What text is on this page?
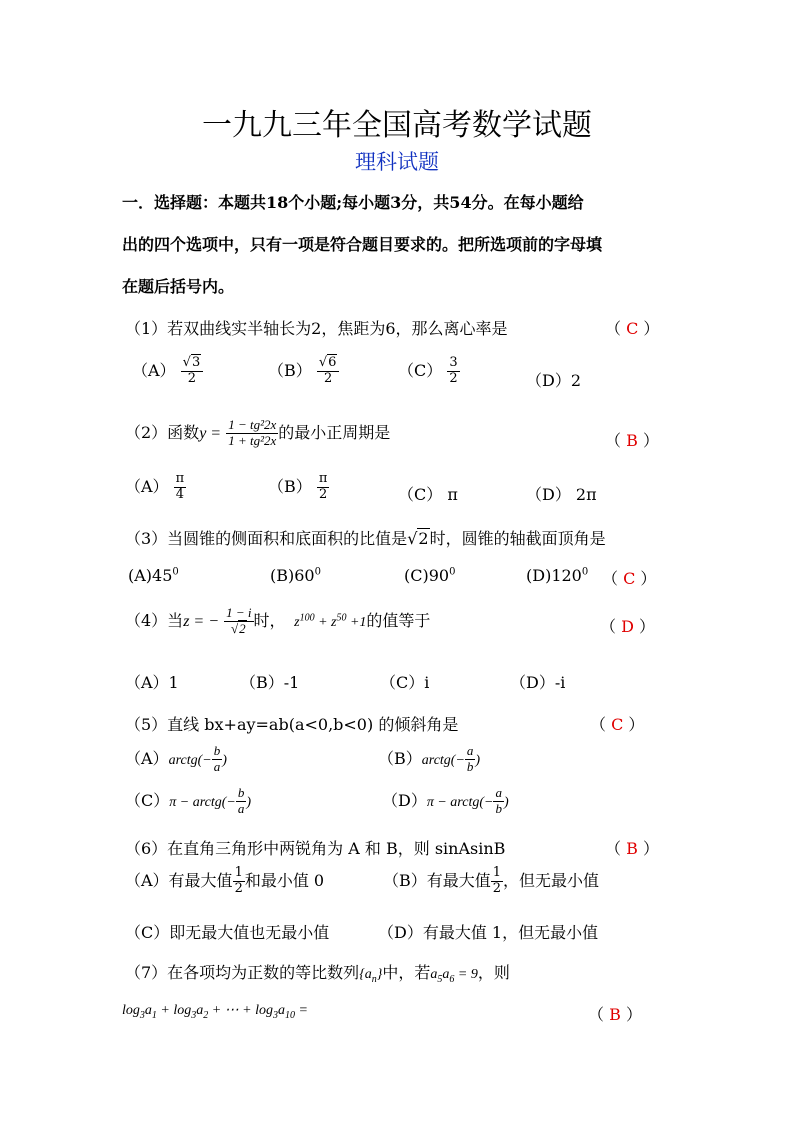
一九九三年全国高考数学试题
理科试题
一．选择题：本题共18个小题;每小题3分，共54分。在每小题给
出的四个选项中，只有一项是符合题目要求的。把所选项前的字母填
在题后括号内。
（1）若双曲线实半轴长为2，焦距为6，那么离心率是	（ C ）
$(A) \frac{√3}{2}$	$(B) \frac{√6}{2}$	$(C) \frac{3}{2}$	（D）2
（2）函数$y = \frac{\text{1 − tg²2x}}{\text{1 + tg²2x}}$ 的最小正周期是	（ B ）
$(A) \frac{\pi}{4}$	$(B) \frac{\pi}{2}$	（C） π	（D） 2π
（3）当圆锥的侧面积和底面积的比值是√2时，圆锥的轴截面顶角是
$(A)45^0$	$(B)60^0$	$(C)90^0$	$(D)120^0$ （ C ）
（4）当z = − $\frac{1 - i}{√2}$ 时，  $z^{100} + z^{50} +1$的值等于	（ D ）
（A）1	（B）-1	（C）i	（D）-i
（5）直线 bx+ay=ab(a<0,b<0) 的倾斜角是	（ C ）
（A）arctg(− $\frac{b}{a}$ )	（B）arctg(− $\frac{a}{b}$ )
（C）π − arctg(− $\frac{b}{a}$ )	（D）π − arctg(− $\frac{a}{b}$ )
（6）在直角三角形中两锐角为 A 和 B，则 sinAsinB	（ B ）
（A）有最大值 $\frac{1}{2}$ 和最小值 0	（B）有最大值 $\frac{1}{2}$ ，但无最小值
（C）即无最大值也无最小值	（D）有最大值 1，但无最小值
（7）在各项均为正数的等比数列$\{a_n\}$中，若$a_5a_6 = 9$，则
$\log_3a_1 + \log_3a_2$ + ⋯ + $\log_3a_{10}$ =	（ B ）
